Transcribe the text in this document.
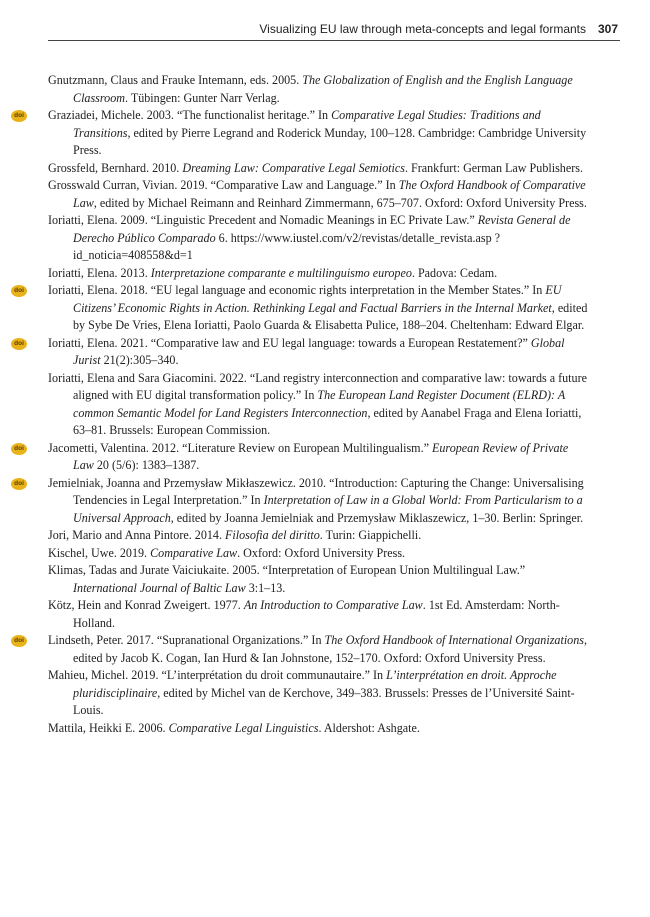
Visualizing EU law through meta-concepts and legal formants 307
Gnutzmann, Claus and Frauke Intemann, eds. 2005. The Globalization of English and the English Language Classroom. Tübingen: Gunter Narr Verlag.
doi Graziadei, Michele. 2003. “The functionalist heritage.” In Comparative Legal Studies: Traditions and Transitions, edited by Pierre Legrand and Roderick Munday, 100–128. Cambridge: Cambridge University Press.
Grossfeld, Bernhard. 2010. Dreaming Law: Comparative Legal Semiotics. Frankfurt: German Law Publishers.
Grosswald Curran, Vivian. 2019. “Comparative Law and Language.” In The Oxford Handbook of Comparative Law, edited by Michael Reimann and Reinhard Zimmermann, 675–707. Oxford: Oxford University Press.
Ioriatti, Elena. 2009. “Linguistic Precedent and Nomadic Meanings in EC Private Law.” Revista General de Derecho Público Comparado 6. https://www.iustel.com/v2/revistas/detalle_revista.asp ?id_noticia=408558&d=1
Ioriatti, Elena. 2013. Interpretazione comparante e multilinguismo europeo. Padova: Cedam.
doi Ioriatti, Elena. 2018. “EU legal language and economic rights interpretation in the Member States.” In EU Citizens’ Economic Rights in Action. Rethinking Legal and Factual Barriers in the Internal Market, edited by Sybe De Vries, Elena Ioriatti, Paolo Guarda & Elisabetta Pulice, 188–204. Cheltenham: Edward Elgar.
doi Ioriatti, Elena. 2021. “Comparative law and EU legal language: towards a European Restatement?” Global Jurist 21(2):305–340.
Ioriatti, Elena and Sara Giacomini. 2022. “Land registry interconnection and comparative law: towards a future aligned with EU digital transformation policy.” In The European Land Register Document (ELRD): A common Semantic Model for Land Registers Interconnection, edited by Aanabel Fraga and Elena Ioriatti, 63–81. Brussels: European Commission.
doi Jacometti, Valentina. 2012. “Literature Review on European Multilingualism.” European Review of Private Law 20 (5/6): 1383–1387.
doi Jemielniak, Joanna and Przemysław Mikłaszewicz. 2010. “Introduction: Capturing the Change: Universalising Tendencies in Legal Interpretation.” In Interpretation of Law in a Global World: From Particularism to a Universal Approach, edited by Joanna Jemielniak and Przemysław Miklaszewicz, 1–30. Berlin: Springer.
Jori, Mario and Anna Pintore. 2014. Filosofia del diritto. Turin: Giappichelli.
Kischel, Uwe. 2019. Comparative Law. Oxford: Oxford University Press.
Klimas, Tadas and Jurate Vaiciukaite. 2005. “Interpretation of European Union Multilingual Law.” International Journal of Baltic Law 3:1–13.
Kötz, Hein and Konrad Zweigert. 1977. An Introduction to Comparative Law. 1st Ed. Amsterdam: North-Holland.
doi Lindseth, Peter. 2017. “Supranational Organizations.” In The Oxford Handbook of International Organizations, edited by Jacob K. Cogan, Ian Hurd & Ian Johnstone, 152–170. Oxford: Oxford University Press.
Mahieu, Michel. 2019. “L’interprétation du droit communautaire.” In L’interprétation en droit. Approche pluridisciplinaire, edited by Michel van de Kerchove, 349–383. Brussels: Presses de l’Université Saint-Louis.
Mattila, Heikki E. 2006. Comparative Legal Linguistics. Aldershot: Ashgate.
